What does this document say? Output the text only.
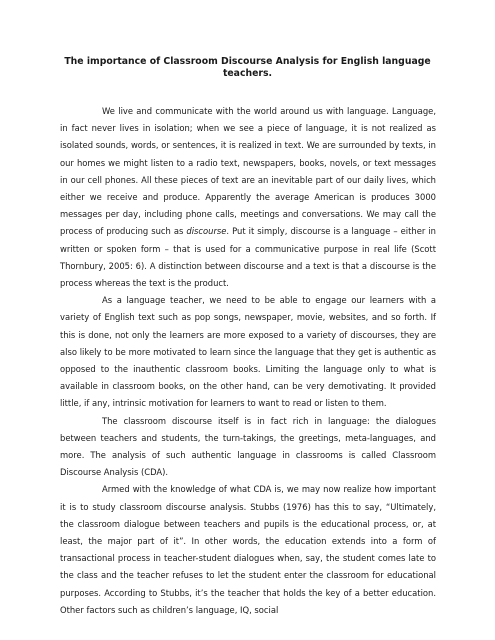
The importance of Classroom Discourse Analysis for English language teachers.

We live and communicate with the world around us with language. Language, in fact never lives in isolation; when we see a piece of language, it is not realized as isolated sounds, words, or sentences, it is realized in text. We are surrounded by texts, in our homes we might listen to a radio text, newspapers, books, novels, or text messages in our cell phones. All these pieces of text are an inevitable part of our daily lives, which either we receive and produce. Apparently the average American is produces 3000 messages per day, including phone calls, meetings and conversations. We may call the process of producing such as discourse. Put it simply, discourse is a language – either in written or spoken form – that is used for a communicative purpose in real life (Scott Thornbury, 2005: 6). A distinction between discourse and a text is that a discourse is the process whereas the text is the product.

As a language teacher, we need to be able to engage our learners with a variety of English text such as pop songs, newspaper, movie, websites, and so forth. If this is done, not only the learners are more exposed to a variety of discourses, they are also likely to be more motivated to learn since the language that they get is authentic as opposed to the inauthentic classroom books. Limiting the language only to what is available in classroom books, on the other hand, can be very demotivating. It provided little, if any, intrinsic motivation for learners to want to read or listen to them.

The classroom discourse itself is in fact rich in language: the dialogues between teachers and students, the turn-takings, the greetings, meta-languages, and more. The analysis of such authentic language in classrooms is called Classroom Discourse Analysis (CDA).

Armed with the knowledge of what CDA is, we may now realize how important it is to study classroom discourse analysis. Stubbs (1976) has this to say, “Ultimately, the classroom dialogue between teachers and pupils is the educational process, or, at least, the major part of it”. In other words, the education extends into a form of transactional process in teacher-student dialogues when, say, the student comes late to the class and the teacher refuses to let the student enter the classroom for educational purposes. According to Stubbs, it’s the teacher that holds the key of a better education. Other factors such as children’s language, IQ, social
